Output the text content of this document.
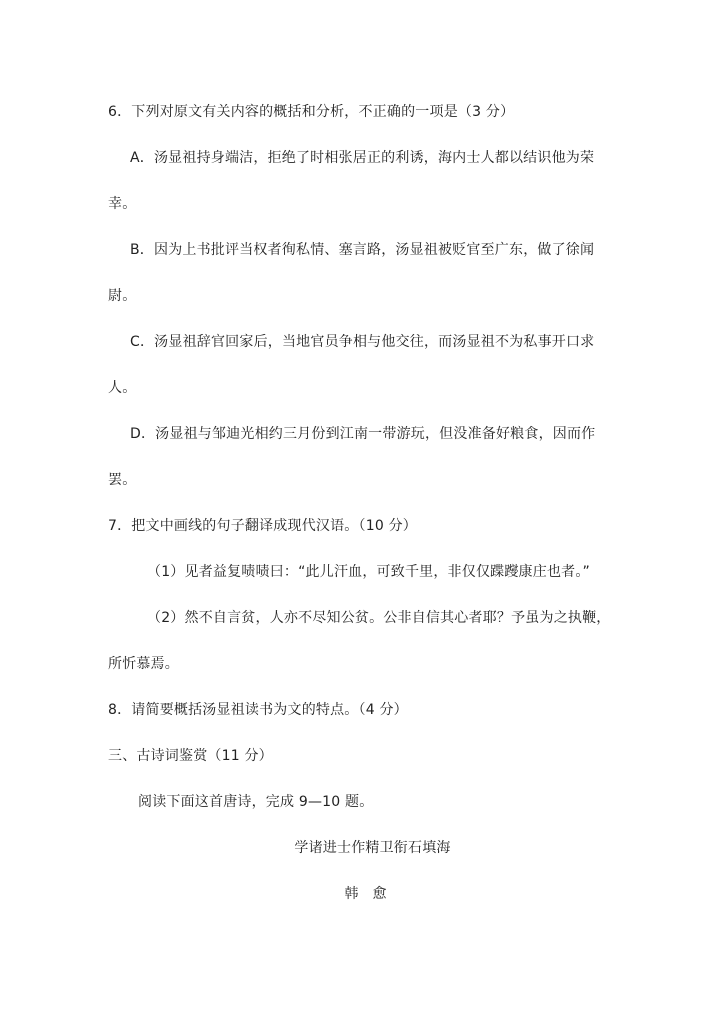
6．下列对原文有关内容的概括和分析，不正确的一项是（3 分）
A．汤显祖持身端洁，拒绝了时相张居正的利诱，海内士人都以结识他为荣
幸。
B．因为上书批评当权者徇私情、塞言路，汤显祖被贬官至广东，做了徐闻
尉。
C．汤显祖辞官回家后，当地官员争相与他交往，而汤显祖不为私事开口求
人。
D．汤显祖与邹迪光相约三月份到江南一带游玩，但没准备好粮食，因而作
罢。
7．把文中画线的句子翻译成现代汉语。（10 分）
（1）见者益复啧啧曰：“此儿汗血，可致千里，非仅仅蹀躞康庄也者。”
（2）然不自言贫，人亦不尽知公贫。公非自信其心者耶？予虽为之执鞭，
所忻慕焉。
8．请简要概括汤显祖读书为文的特点。（4 分）
三、古诗词鉴赏（11 分）
阅读下面这首唐诗，完成 9—10 题。
学诸进士作精卫衔石填海
韩愈
